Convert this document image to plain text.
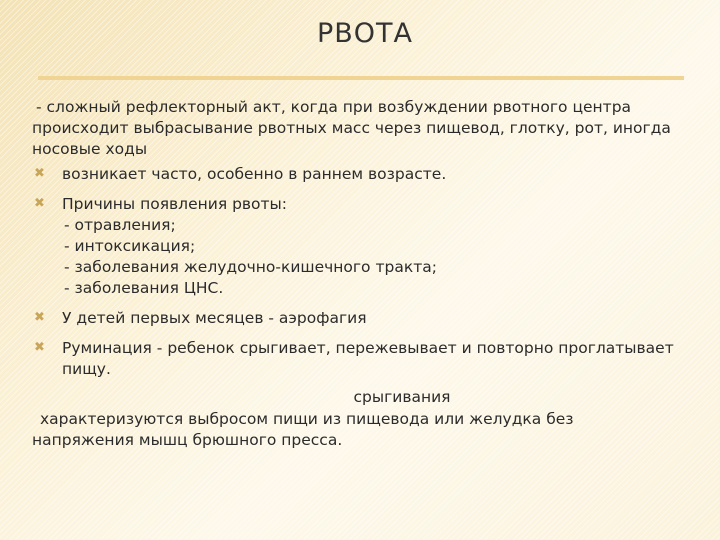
РВОТА

- сложный рефлекторный акт, когда при возбуждении рвотного центра происходит выбрасывание рвотных масс через пищевод, глотку, рот, иногда носовые ходы

✖ возникает часто, особенно в раннем возрасте.
✖ Причины появления рвоты:
- отравления;
- интоксикация;
- заболевания желудочно-кишечного тракта;
- заболевания ЦНС.
✖ У детей первых месяцев - аэрофагия
✖ Руминация - ребенок срыгивает, пережевывает и повторно проглатывает пищу.

срыгивания

характеризуются выбросом пищи из пищевода или желудка без

напряжения мышц брюшного пресса.
